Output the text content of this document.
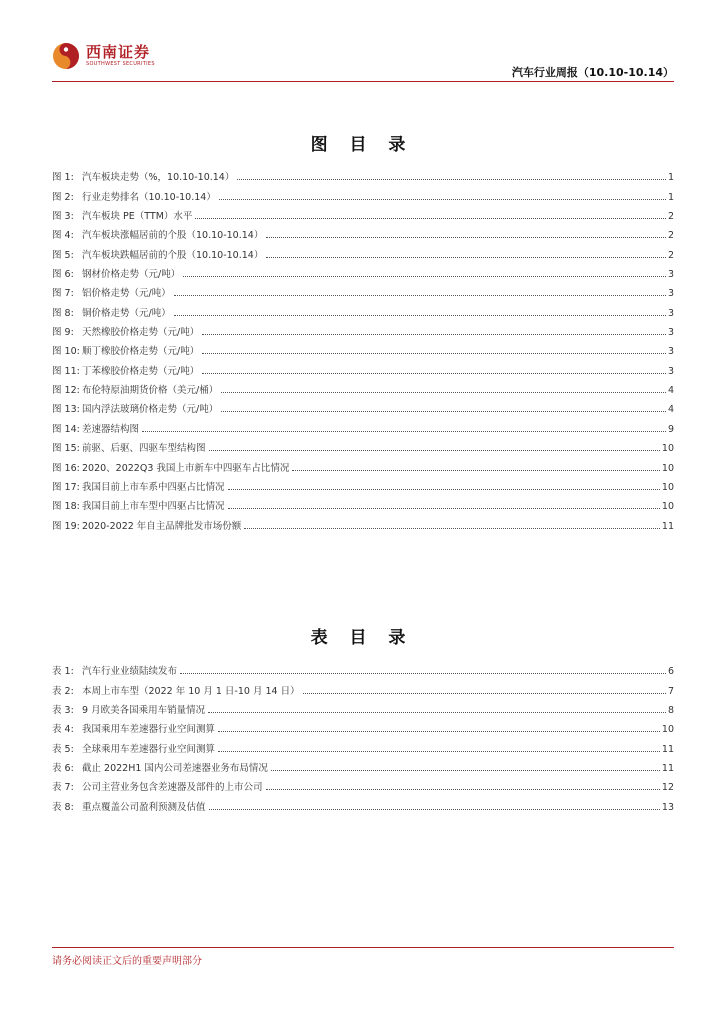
西南证券
SOUTHWEST SECURITIES
汽车行业周报（10.10-10.14）
图 目 录
图 1: 汽车板块走势（%，10.10-10.14）	1
图 2: 行业走势排名（10.10-10.14）	1
图 3: 汽车板块 PE（TTM）水平	2
图 4: 汽车板块涨幅居前的个股（10.10-10.14）	2
图 5: 汽车板块跌幅居前的个股（10.10-10.14）	2
图 6: 钢材价格走势（元/吨）	3
图 7: 铝价格走势（元/吨）	3
图 8: 铜价格走势（元/吨）	3
图 9: 天然橡胶价格走势（元/吨）	3
图 10: 顺丁橡胶价格走势（元/吨）	3
图 11: 丁苯橡胶价格走势（元/吨）	3
图 12: 布伦特原油期货价格（美元/桶）	4
图 13: 国内浮法玻璃价格走势（元/吨）	4
图 14: 差速器结构图	9
图 15: 前驱、后驱、四驱车型结构图	10
图 16: 2020、2022Q3 我国上市新车中四驱车占比情况	10
图 17: 我国目前上市车系中四驱占比情况	10
图 18: 我国目前上市车型中四驱占比情况	10
图 19: 2020-2022 年自主品牌批发市场份额	11
表 目 录
表 1: 汽车行业业绩陆续发布	6
表 2: 本周上市车型（2022 年 10 月 1 日-10 月 14 日）	7
表 3: 9 月欧美各国乘用车销量情况	8
表 4: 我国乘用车差速器行业空间测算	10
表 5: 全球乘用车差速器行业空间测算	11
表 6: 截止 2022H1 国内公司差速器业务布局情况	11
表 7: 公司主营业务包含差速器及部件的上市公司	12
表 8: 重点覆盖公司盈利预测及估值	13
请务必阅读正文后的重要声明部分
